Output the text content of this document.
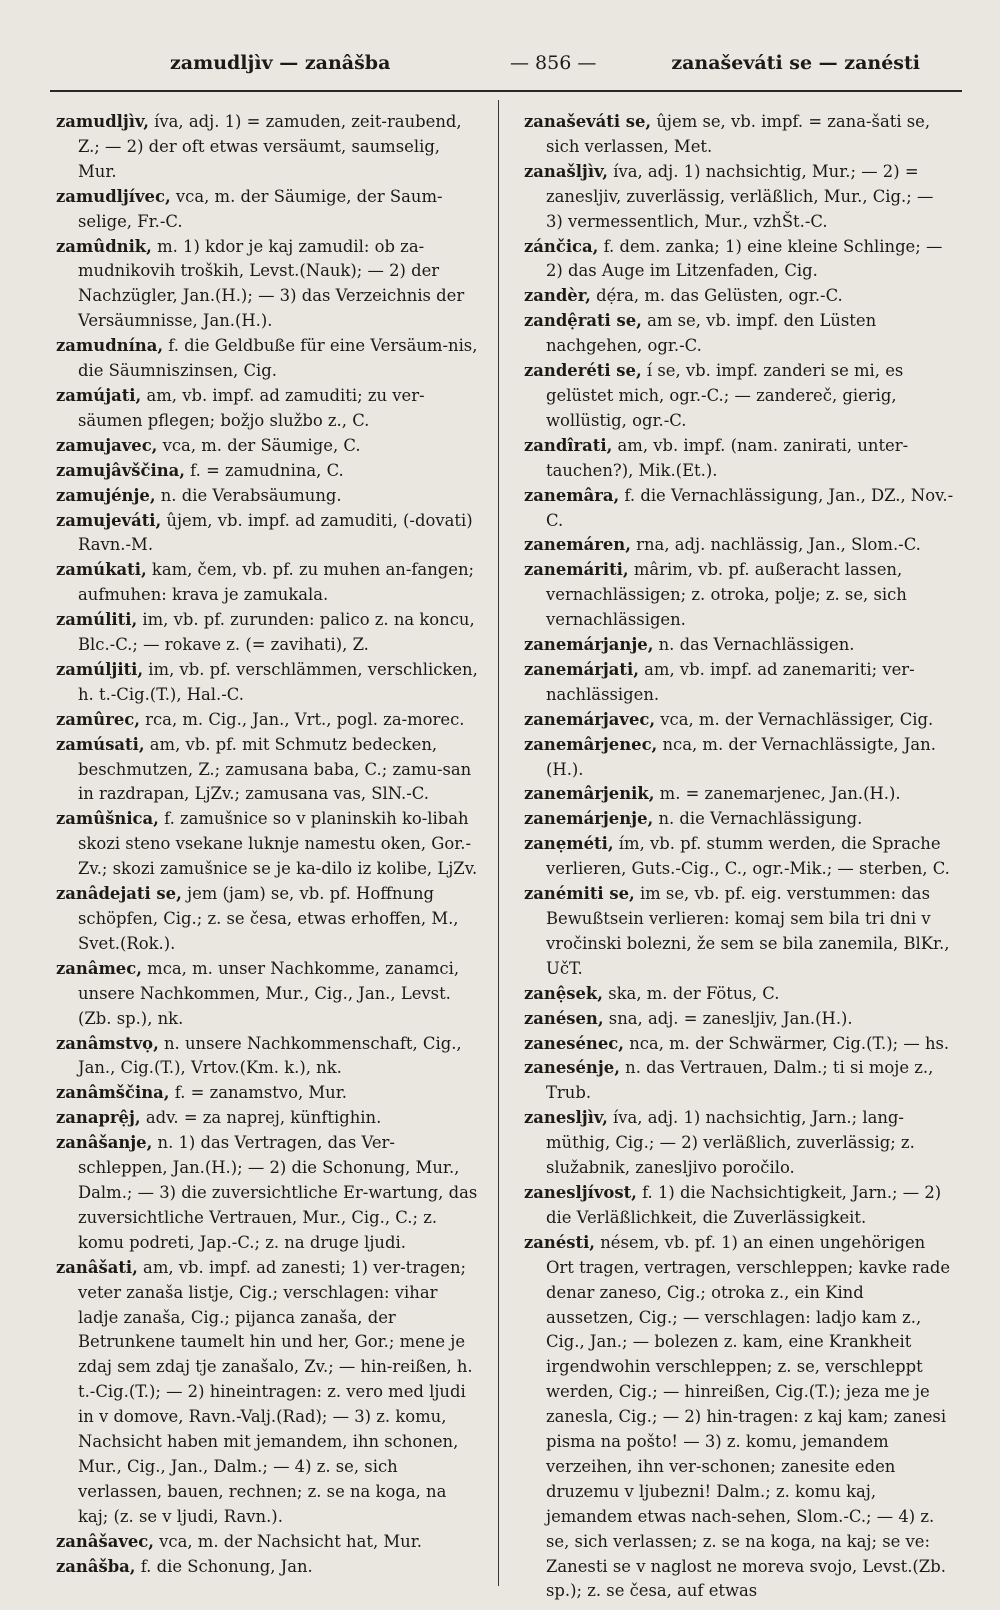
zamudljìv — zanâšba	— 856 —	zanaševáti se — zanésti

zamudljìv, íva, adj. 1) = zamuden, zeit-raubend, Z.; — 2) der oft etwas versäumt, saumselig, Mur.

zamudljívec, vca, m. der Säumige, der Saum-selige, Fr.-C.

zamûdnik, m. 1) kdor je kaj zamudil: ob za-mudnikovih troških, Levst.(Nauk); — 2) der Nachzügler, Jan.(H.); — 3) das Verzeichnis der Versäumnisse, Jan.(H.).

zamudnína, f. die Geldbuße für eine Versäum-nis, die Säumniszinsen, Cig.

zamújati, am, vb. impf. ad zamuditi; zu ver-säumen pflegen; božjo službo z., C.

zamujavec, vca, m. der Säumige, C.

zamujâvščina, f. = zamudnina, C.

zamujénje, n. die Verabsäumung.

zamujeváti, ûjem, vb. impf. ad zamuditi, (-dovati) Ravn.-M.

zamúkati, kam, čem, vb. pf. zu muhen an-fangen; aufmuhen: krava je zamukala.

zamúliti, im, vb. pf. zurunden: palico z. na koncu, Blc.-C.; — rokave z. (= zavihati), Z.

zamúljiti, im, vb. pf. verschlämmen, verschlicken, h. t.-Cig.(T.), Hal.-C.

zamûrec, rca, m. Cig., Jan., Vrt., pogl. za-morec.

zamúsati, am, vb. pf. mit Schmutz bedecken, beschmutzen, Z.; zamusana baba, C.; zamu-san in razdrapan, LjZv.; zamusana vas, SlN.-C.

zamûšnica, f. zamušnice so v planinskih ko-libah skozi steno vsekane luknje namestu oken, Gor.-Zv.; skozi zamušnice se je ka-dilo iz kolibe, LjZv.

zanâdejati se, jem (jam) se, vb. pf. Hoffnung schöpfen, Cig.; z. se česa, etwas erhoffen, M., Svet.(Rok.).

zanâmec, mca, m. unser Nachkomme, zanamci, unsere Nachkommen, Mur., Cig., Jan., Levst.(Zb. sp.), nk.

zanâmstvọ, n. unsere Nachkommenschaft, Cig., Jan., Cig.(T.), Vrtov.(Km. k.), nk.

zanâmščina, f. = zanamstvo, Mur.

zanaprệj, adv. = za naprej, künftighin.

zanâšanje, n. 1) das Vertragen, das Ver-schleppen, Jan.(H.); — 2) die Schonung, Mur., Dalm.; — 3) die zuversichtliche Er-wartung, das zuversichtliche Vertrauen, Mur., Cig., C.; z. komu podreti, Jap.-C.; z. na druge ljudi.

zanâšati, am, vb. impf. ad zanesti; 1) ver-tragen; veter zanaša listje, Cig.; verschlagen: vihar ladje zanaša, Cig.; pijanca zanaša, der Betrunkene taumelt hin und her, Gor.; mene je zdaj sem zdaj tje zanašalo, Zv.; — hin-reißen, h. t.-Cig.(T.); — 2) hineintragen: z. vero med ljudi in v domove, Ravn.-Valj.(Rad); — 3) z. komu, Nachsicht haben mit jemandem, ihn schonen, Mur., Cig., Jan., Dalm.; — 4) z. se, sich verlassen, bauen, rechnen; z. se na koga, na kaj; (z. se v ljudi, Ravn.).

zanâšavec, vca, m. der Nachsicht hat, Mur.

zanâšba, f. die Schonung, Jan.

zanaševáti se, ûjem se, vb. impf. = zana-šati se, sich verlassen, Met.

zanašljìv, íva, adj. 1) nachsichtig, Mur.; — 2) = zanesljiv, zuverlässig, verläßlich, Mur., Cig.; — 3) vermessentlich, Mur., vzhŠt.-C.

zánčica, f. dem. zanka; 1) eine kleine Schlinge; — 2) das Auge im Litzenfaden, Cig.

zandèr, dẹ́ra, m. das Gelüsten, ogr.-C.

zandệrati se, am se, vb. impf. den Lüsten nachgehen, ogr.-C.

zanderéti se, í se, vb. impf. zanderi se mi, es gelüstet mich, ogr.-C.; — zandereč, gierig, wollüstig, ogr.-C.

zandîrati, am, vb. impf. (nam. zanirati, unter-tauchen?), Mik.(Et.).

zanemâra, f. die Vernachlässigung, Jan., DZ., Nov.-C.

zanemáren, rna, adj. nachlässig, Jan., Slom.-C.

zanemáriti, mârim, vb. pf. außeracht lassen, vernachlässigen; z. otroka, polje; z. se, sich vernachlässigen.

zanemárjanje, n. das Vernachlässigen.

zanemárjati, am, vb. impf. ad zanemariti; ver-nachlässigen.

zanemárjavec, vca, m. der Vernachlässiger, Cig.

zanemârjenec, nca, m. der Vernachlässigte, Jan.(H.).

zanemârjenik, m. = zanemarjenec, Jan.(H.).

zanemárjenje, n. die Vernachlässigung.

zanẹméti, ím, vb. pf. stumm werden, die Sprache verlieren, Guts.-Cig., C., ogr.-Mik.; — sterben, C.

zanémiti se, im se, vb. pf. eig. verstummen: das Bewußtsein verlieren: komaj sem bila tri dni v vročinski bolezni, že sem se bila zanemila, BlKr., UčT.

zanệsek, ska, m. der Fötus, C.

zanésen, sna, adj. = zanesljiv, Jan.(H.).

zanesénec, nca, m. der Schwärmer, Cig.(T.); — hs.

zanesénje, n. das Vertrauen, Dalm.; ti si moje z., Trub.

zanesljìv, íva, adj. 1) nachsichtig, Jarn.; lang-müthig, Cig.; — 2) verläßlich, zuverlässig; z. služabnik, zanesljivo poročilo.

zanesljívost, f. 1) die Nachsichtigkeit, Jarn.; — 2) die Verläßlichkeit, die Zuverlässigkeit.

zanésti, nésem, vb. pf. 1) an einen ungehörigen Ort tragen, vertragen, verschleppen; kavke rade denar zaneso, Cig.; otroka z., ein Kind aussetzen, Cig.; — verschlagen: ladjo kam z., Cig., Jan.; — bolezen z. kam, eine Krankheit irgendwohin verschleppen; z. se, verschleppt werden, Cig.; — hinreißen, Cig.(T.); jeza me je zanesla, Cig.; — 2) hin-tragen: z kaj kam; zanesi pisma na pošto! — 3) z. komu, jemandem verzeihen, ihn ver-schonen; zanesite eden druzemu v ljubezni! Dalm.; z. komu kaj, jemandem etwas nach-sehen, Slom.-C.; — 4) z. se, sich verlassen; z. se na koga, na kaj; se ve: Zanesti se v naglost ne moreva svojo, Levst.(Zb. sp.); z. se česa, auf etwas
